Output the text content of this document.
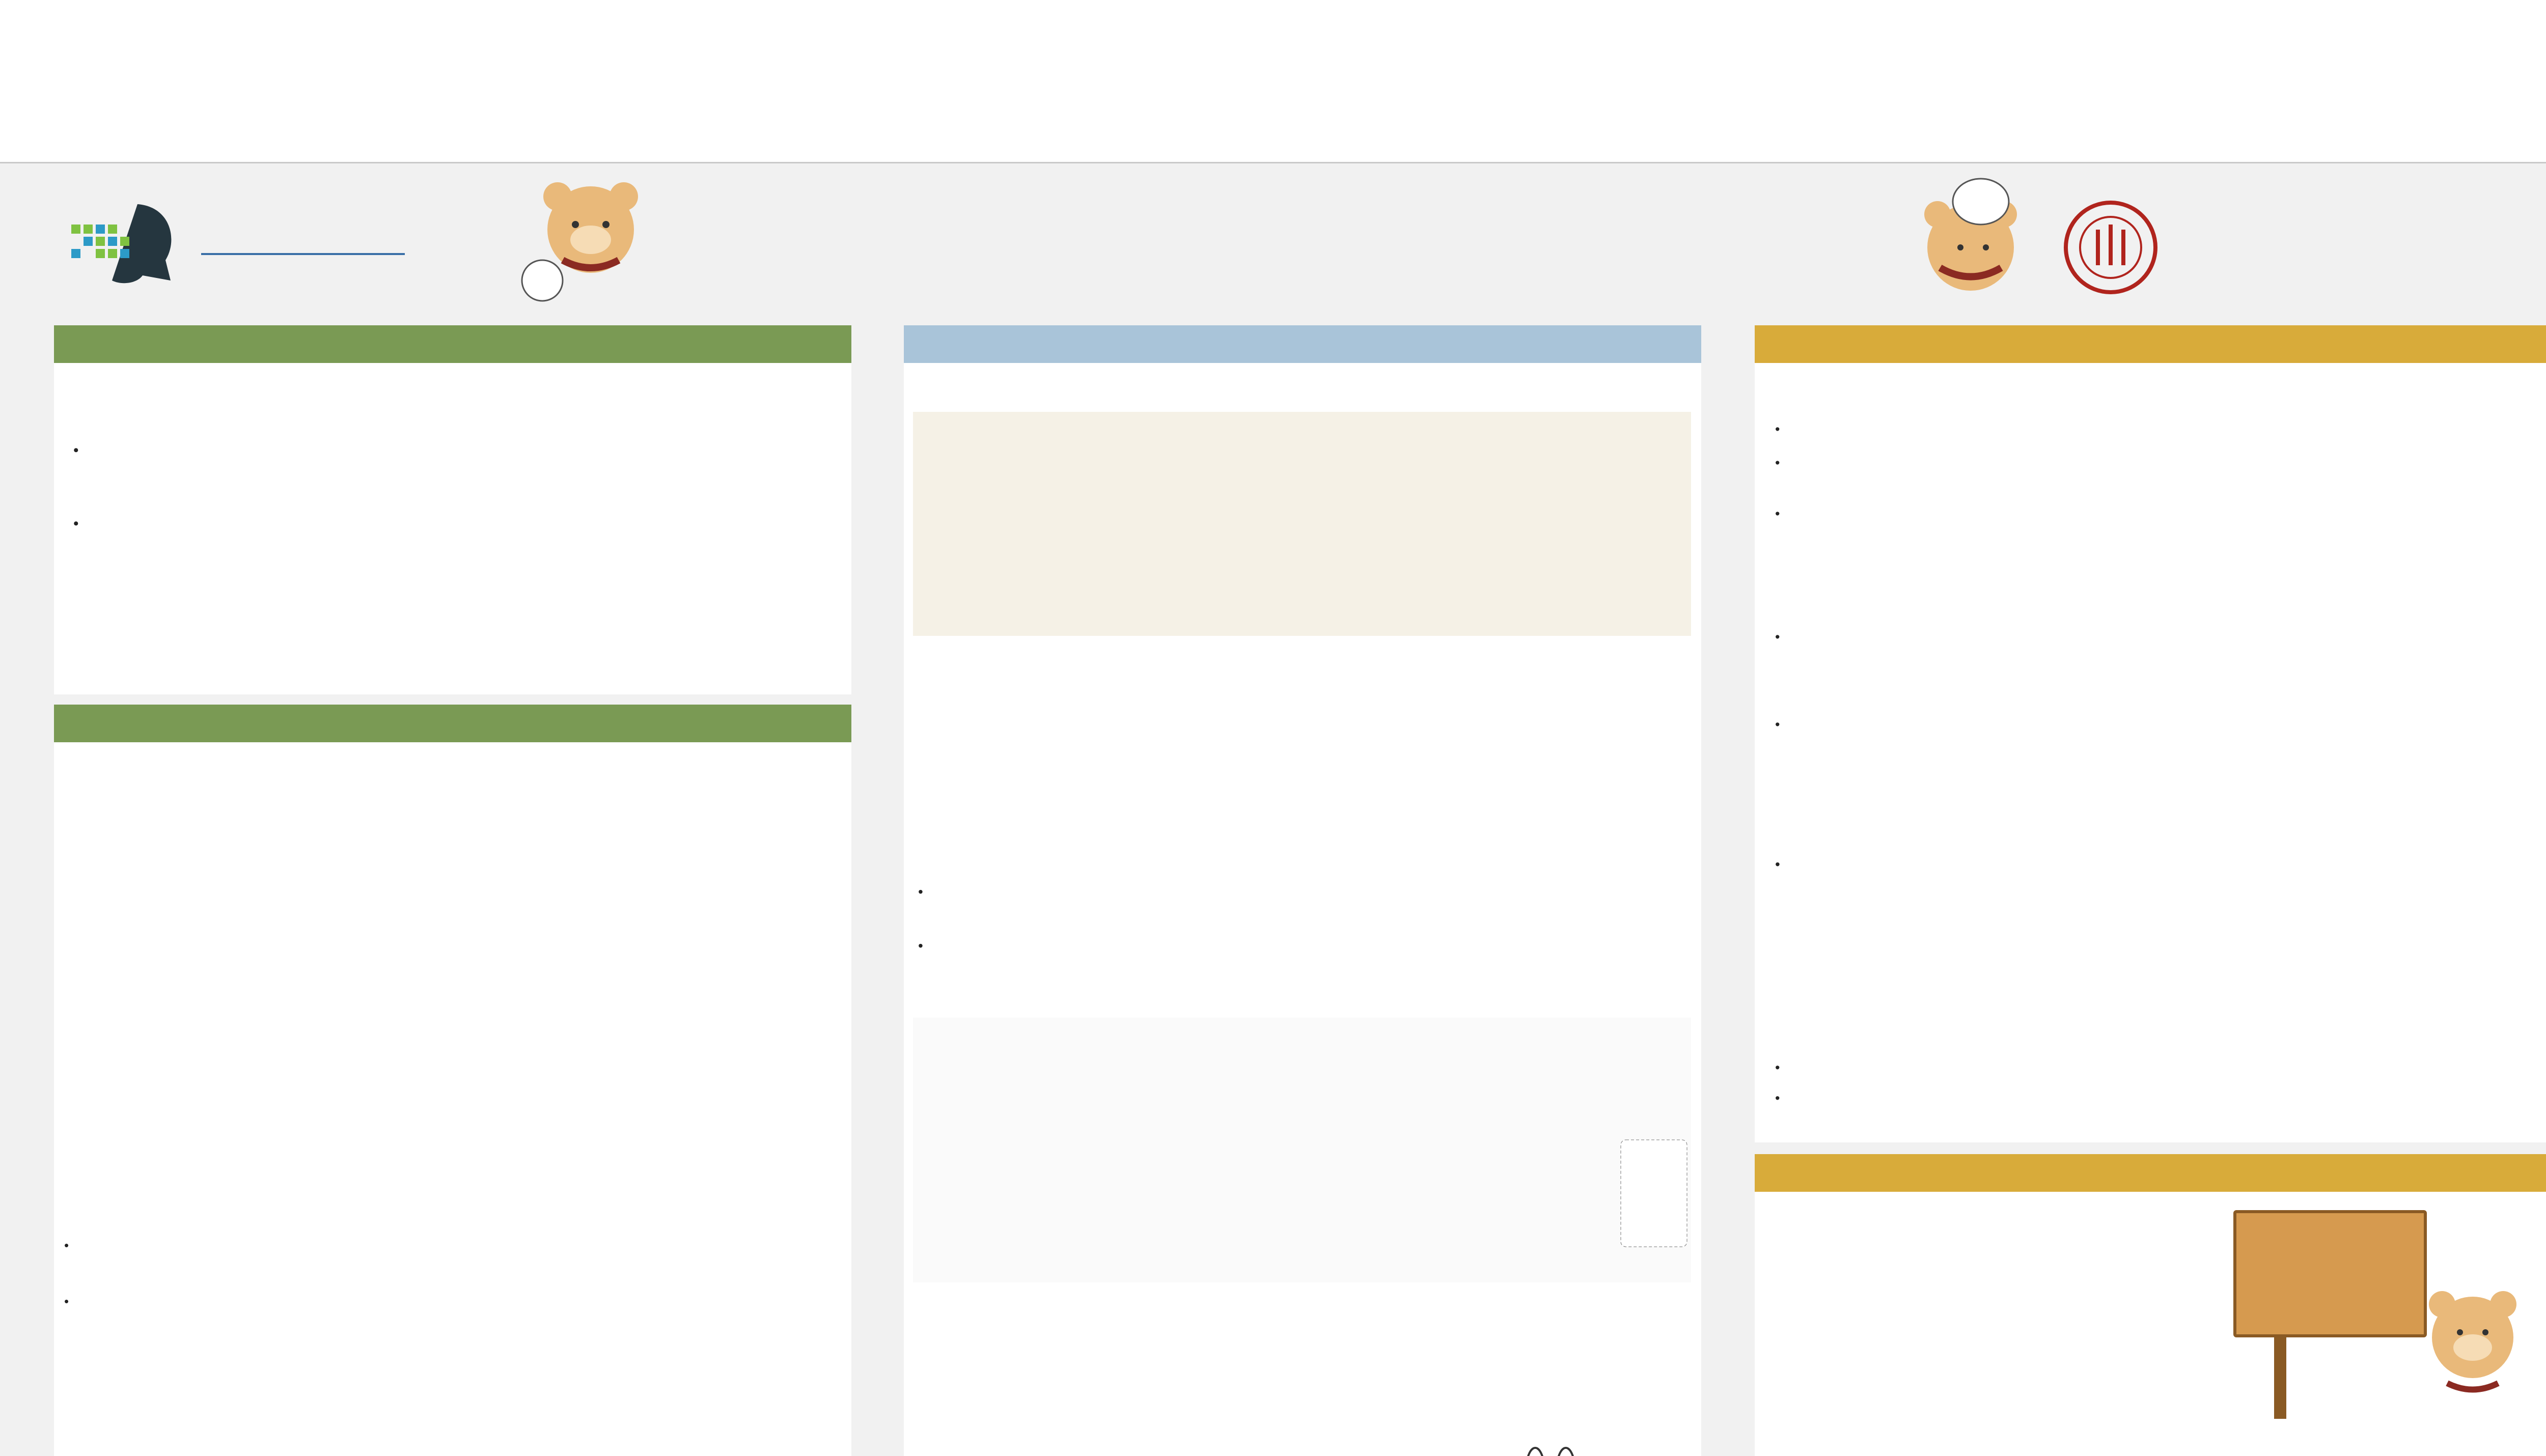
•
•
•
•
•
•
•
•
•
•
•
•
•
•
